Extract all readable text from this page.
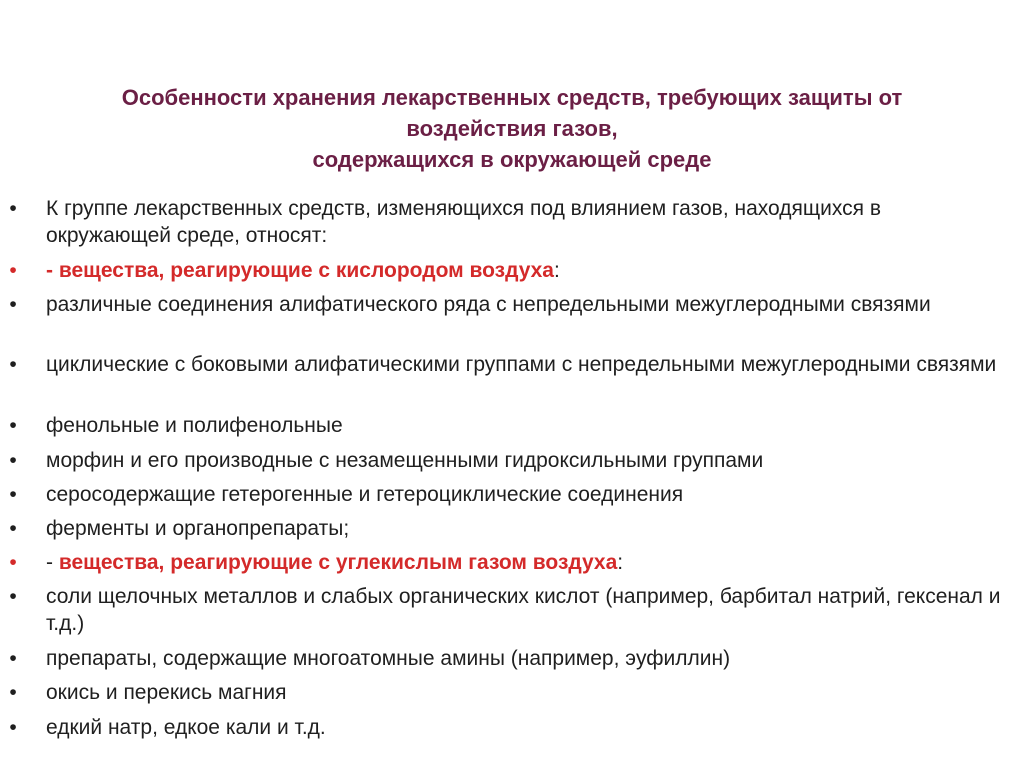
Особенности хранения лекарственных средств, требующих защиты от
воздействия газов,
содержащихся в окружающей среде
• К группе лекарственных средств, изменяющихся под влиянием газов, находящихся в окружающей среде, относят:
• - вещества, реагирующие с кислородом воздуха:
• различные соединения алифатического ряда с непредельными межуглеродными связями
• циклические с боковыми алифатическими группами с непредельными межуглеродными связями
• фенольные и полифенольные
• морфин и его производные с незамещенными гидроксильными группами
• серосодержащие гетерогенные и гетероциклические соединения
• ферменты и органопрепараты;
• - вещества, реагирующие с углекислым газом воздуха:
• соли щелочных металлов и слабых органических кислот (например, барбитал натрий, гексенал и т.д.)
• препараты, содержащие многоатомные амины (например, эуфиллин)
• окись и перекись магния
• едкий натр, едкое кали и т.д.
